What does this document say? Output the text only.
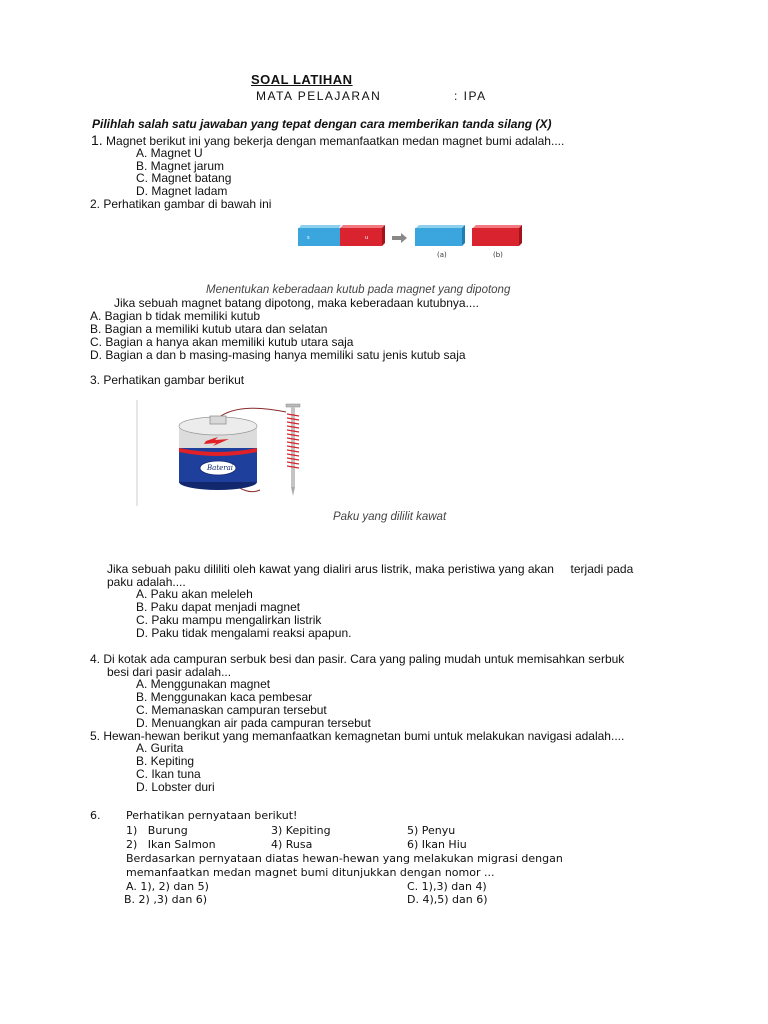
SOAL LATIHAN
MATA PELAJARAN	: IPA
Pilihlah salah satu jawaban yang tepat dengan cara memberikan tanda silang (X)
1. Magnet berikut ini yang bekerja dengan memanfaatkan medan magnet bumi adalah....
A. Magnet U
B. Magnet jarum
C. Magnet batang
D. Magnet ladam
2. Perhatikan gambar di bawah ini
s	u
(a)	(b)
Menentukan keberadaan kutub pada magnet yang dipotong
Jika sebuah magnet batang dipotong, maka keberadaan kutubnya....
A. Bagian b tidak memiliki kutub
B. Bagian a memiliki kutub utara dan selatan
C. Bagian a hanya akan memiliki kutub utara saja
D. Bagian a dan b masing-masing hanya memiliki satu jenis kutub saja
3. Perhatikan gambar berikut
Baterai
Paku yang dililit kawat
Jika sebuah paku dililiti oleh kawat yang dialiri arus listrik, maka peristiwa yang akan     terjadi pada
paku adalah....
A. Paku akan meleleh
B. Paku dapat menjadi magnet
C. Paku mampu mengalirkan listrik
D. Paku tidak mengalami reaksi apapun.
4. Di kotak ada campuran serbuk besi dan pasir. Cara yang paling mudah untuk memisahkan serbuk
besi dari pasir adalah...
A. Menggunakan magnet
B. Menggunakan kaca pembesar
C. Memanaskan campuran tersebut
D. Menuangkan air pada campuran tersebut
5. Hewan-hewan berikut yang memanfaatkan kemagnetan bumi untuk melakukan navigasi adalah....
A. Gurita
B. Kepiting
C. Ikan tuna
D. Lobster duri
6. Perhatikan pernyataan berikut!
1)   Burung	3) Kepiting	5) Penyu
2)   Ikan Salmon	4) Rusa	6) Ikan Hiu
Berdasarkan pernyataan diatas hewan-hewan yang melakukan migrasi dengan
memanfaatkan medan magnet bumi ditunjukkan dengan nomor ...
A. 1), 2) dan 5)	C. 1),3) dan 4)
B. 2) ,3) dan 6)	D. 4),5) dan 6)
